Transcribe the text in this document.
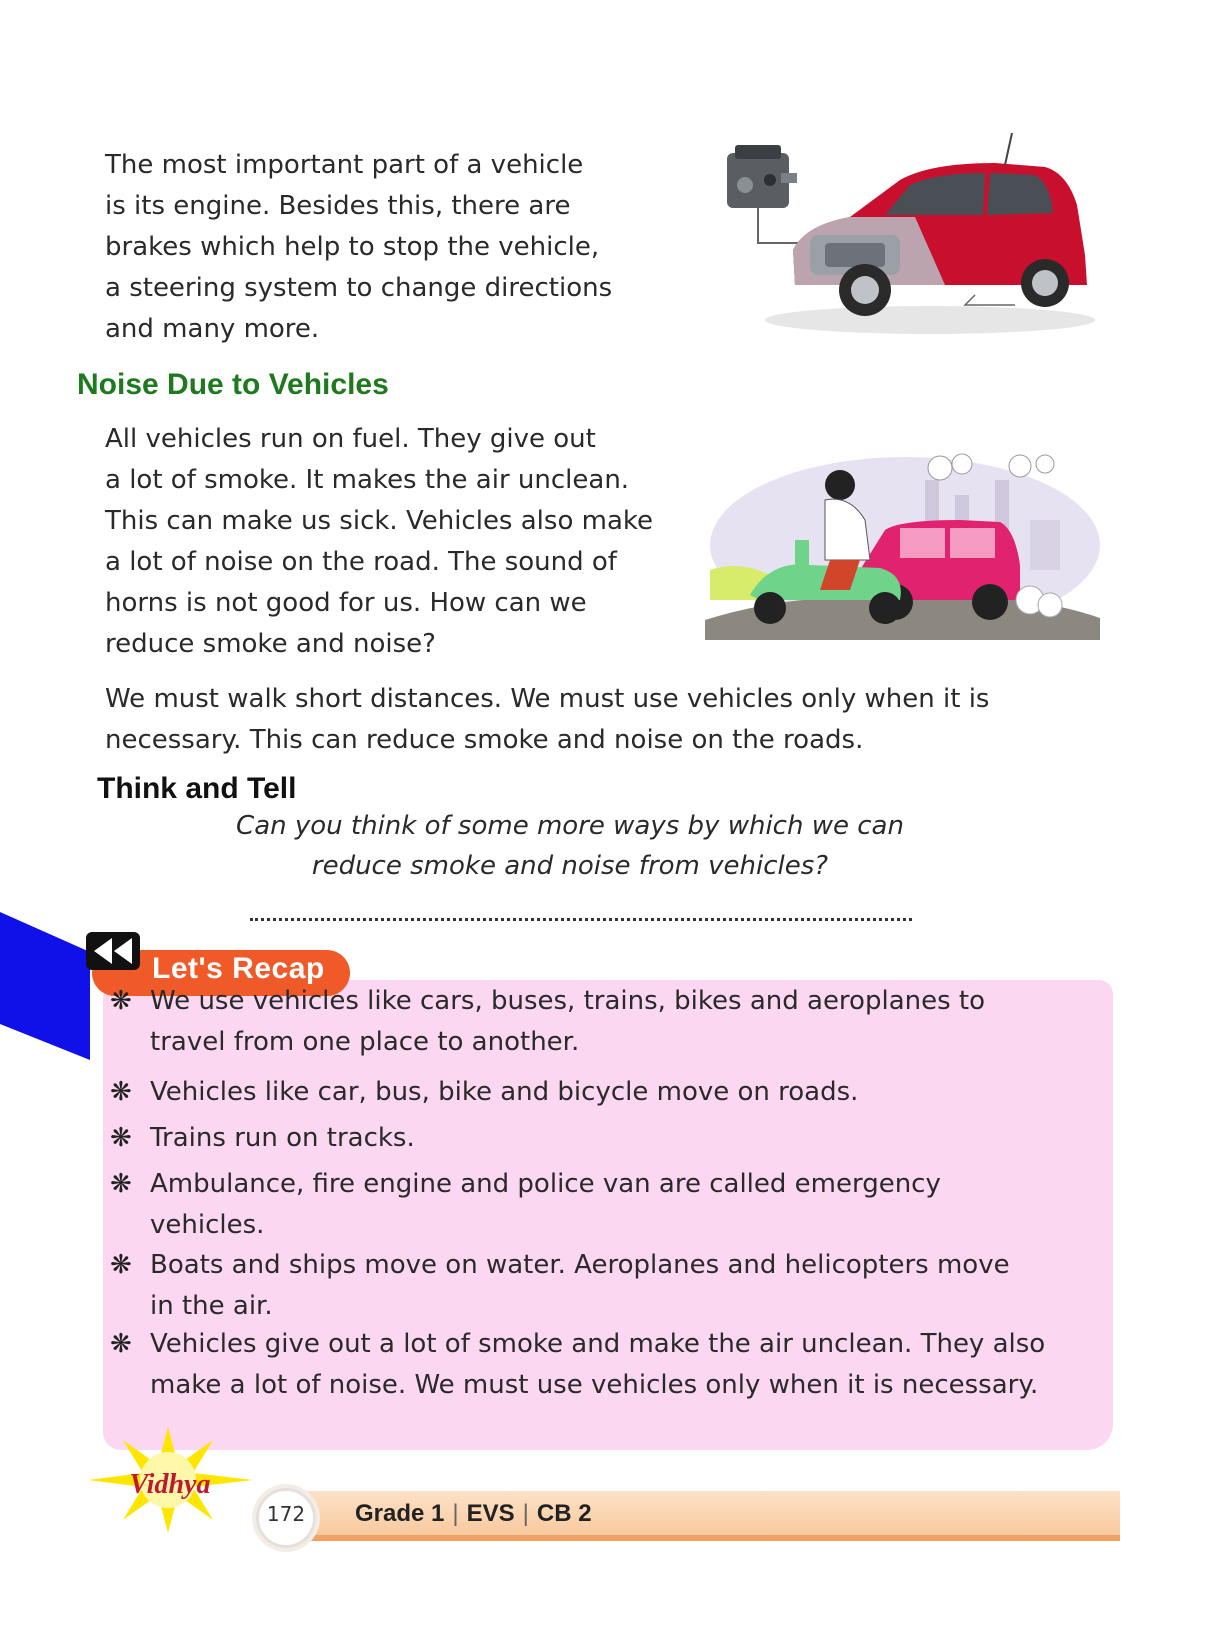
The most important part of a vehicle

is its engine. Besides this, there are

brakes which help to stop the vehicle,

a steering system to change directions

and many more.

Noise Due to Vehicles

All vehicles run on fuel. They give out

a lot of smoke. It makes the air unclean.

This can make us sick. Vehicles also make

a lot of noise on the road. The sound of

horns is not good for us. How can we

reduce smoke and noise?

We must walk short distances. We must use vehicles only when it is

necessary. This can reduce smoke and noise on the roads.

Think and Tell
Can you think of some more ways by which we can
reduce smoke and noise from vehicles?
Let's Recap
❋ We use vehicles like cars, buses, trains, bikes and aeroplanes to
travel from one place to another.
❋ Vehicles like car, bus, bike and bicycle move on roads.
❋ Trains run on tracks.
❋ Ambulance, fire engine and police van are called emergency
vehicles.
❋ Boats and ships move on water. Aeroplanes and helicopters move
in the air.
❋ Vehicles give out a lot of smoke and make the air unclean. They also
make a lot of noise. We must use vehicles only when it is necessary.
Vidhya
172	Grade 1 | EVS | CB 2
